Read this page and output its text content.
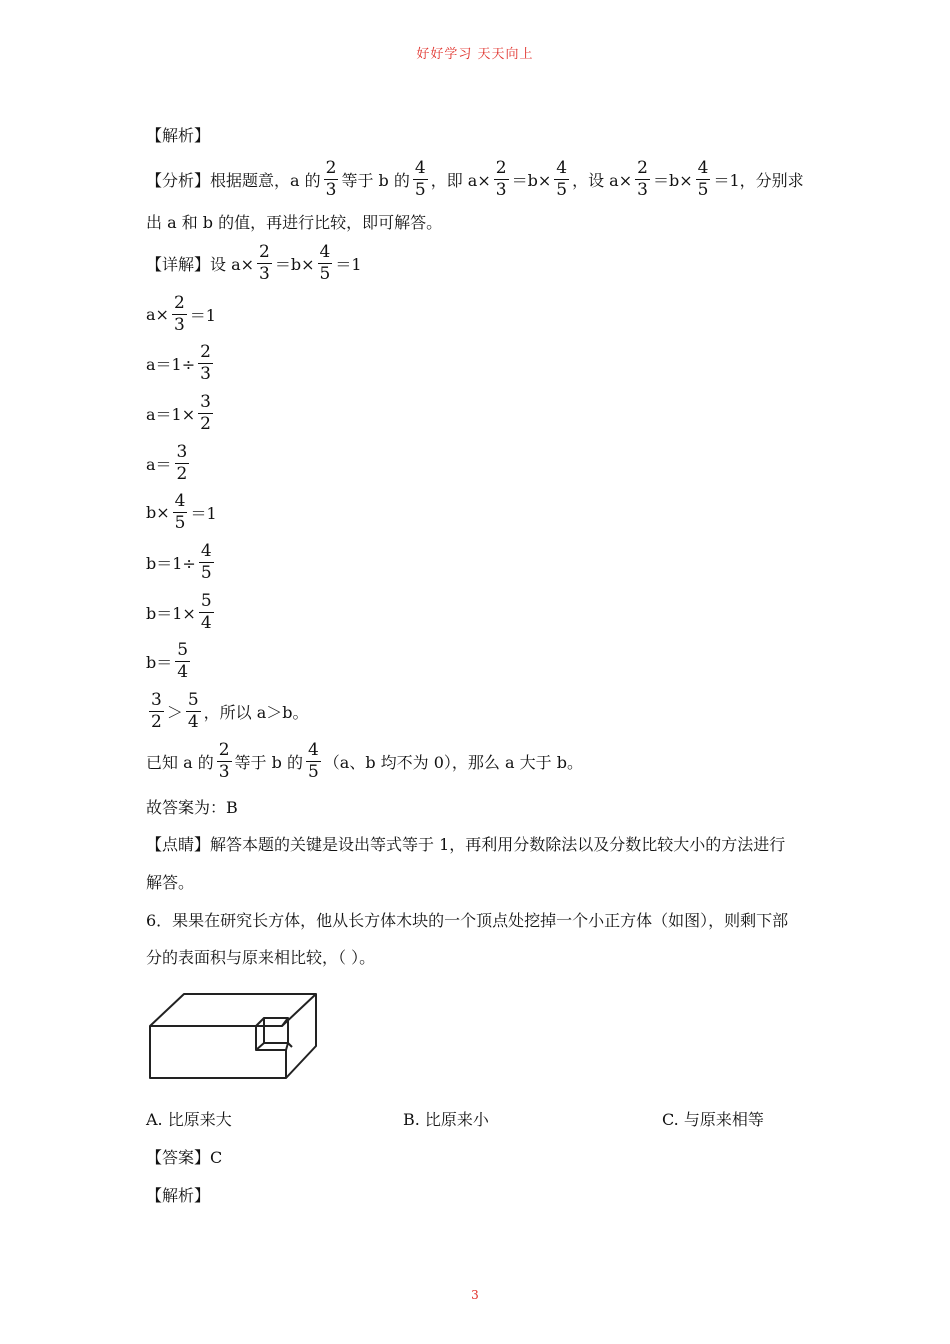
好好学习 天天向上
【解析】
【分析】根据题意，a 的 $\frac{2}{3}$ 等于 b 的 $\frac{4}{5}$ ，即 $a\times \frac{2}{3} =b\times \frac{4}{5}$ ，设 $a\times \frac{2}{3} =b\times \frac{4}{5} =1$，分别求
出 a 和 b 的值，再进行比较，即可解答。
【详解】设 $a\times \frac{2}{3} =b\times \frac{4}{5} =1$
$a\times \frac{2}{3} =1$
$a=1\div \frac{2}{3}$
$a=1\times \frac{3}{2}$
$a= \frac{3}{2}$
$b\times \frac{4}{5} =1$
$b=1\div \frac{4}{5}$
$b=1\times \frac{5}{4}$
$b= \frac{5}{4}$
$\frac{3}{2} > \frac{5}{4}$ ，所以 a＞b。
已知 a 的 $\frac{2}{3}$ 等于 b 的 $\frac{4}{5} (a$、b 均不为 0），那么 a 大于 b。
故答案为：B
【点睛】解答本题的关键是设出等式等于 1，再利用分数除法以及分数比较大小的方法进行
解答。
6．果果在研究长方体，他从长方体木块的一个顶点处挖掉一个小正方体（如图），则剩下部
分的表面积与原来相比较，（ ）。
【答案】C
【解析】
A. 比原来大	B. 比原来小	C. 与原来相等
3
